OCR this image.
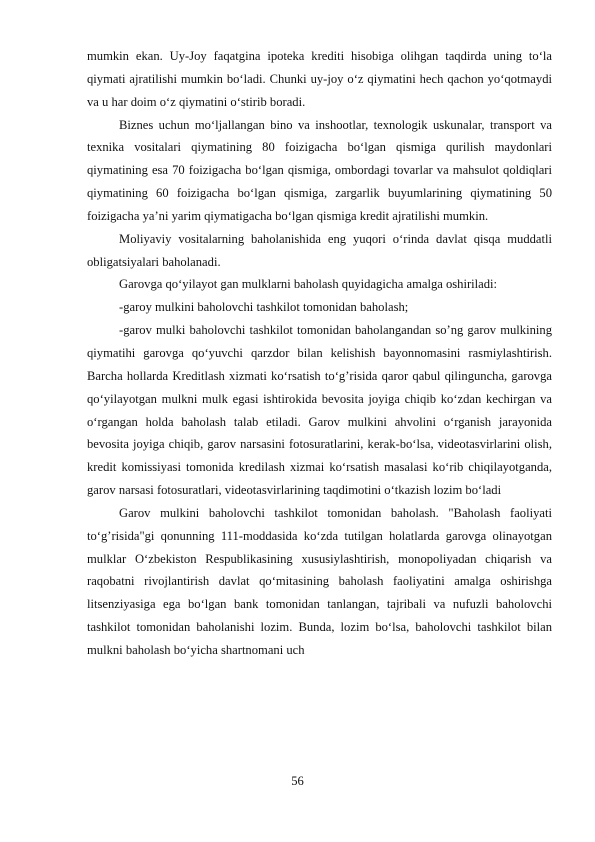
mumkin ekan. Uy-Joy faqatgina ipoteka krediti hisobiga olihgan taqdirda uning to‘la qiymati ajratilishi mumkin bo‘ladi. Chunki uy-joy o‘z qiymatini hech qachon yo‘qotmaydi va u har doim o‘z qiymatini o‘stirib boradi.

Biznes uchun mo‘ljallangan bino va inshootlar, texnologik uskunalar, transport va texnika vositalari qiymatining 80 foizigacha bo‘lgan qismiga qurilish maydonlari qiymatining esa 70 foizigacha bo‘lgan qismiga, ombordagi tovarlar va mahsulot qoldiqlari qiymatining 60 foizigacha bo‘lgan qismiga, zargarlik buyumlarining qiymatining 50 foizigacha ya’ni yarim qiymatigacha bo‘lgan qismiga kredit ajratilishi mumkin.

Moliyaviy vositalarning baholanishida eng yuqori o‘rinda davlat qisqa muddatli obligatsiyalari baholanadi.

Garovga qo‘yilayot gan mulklarni baholash quyidagicha amalga oshiriladi:

-garoy mulkini baholovchi tashkilot tomonidan baholash;

-garov mulki baholovchi tashkilot tomonidan baholangandan so’ng garov mulkining qiymatihi garovga qo‘yuvchi qarzdor bilan kelishish bayonnomasini rasmiylashtirish. Barcha hollarda Kreditlash xizmati ko‘rsatish to‘g’risida qaror qabul qilinguncha, garovga qo‘yilayotgan mulkni mulk egasi ishtirokida bevosita joyiga chiqib ko‘zdan kechirgan va o‘rgangan holda baholash talab etiladi. Garov mulkini ahvolini o‘rganish jarayonida bevosita joyiga chiqib, garov narsasini fotosuratlarini, kerak-bo‘lsa, videotasvirlarini olish, kredit komissiyasi tomonida kredilash xizmai ko‘rsatish masalasi ko‘rib chiqilayotganda, garov narsasi fotosuratlari, videotasvirlarining taqdimotini o‘tkazish lozim bo‘ladi

Garov mulkini baholovchi tashkilot tomonidan baholash. "Baholash faoliyati to‘g’risida"gi qonunning 111-moddasida ko‘zda tutilgan holatlarda garovga olinayotgan mulklar O‘zbekiston Respublikasining xususiylashtirish, monopoliyadan chiqarish va raqobatni rivojlantirish davlat qo‘mitasining baholash faoliyatini amalga oshirishga litsenziyasiga ega bo‘lgan bank tomonidan tanlangan, tajribali va nufuzli baholovchi tashkilot tomonidan baholanishi lozim. Bunda, lozim bo‘lsa, baholovchi tashkilot bilan mulkni baholash bo‘yicha shartnomani uch

56
